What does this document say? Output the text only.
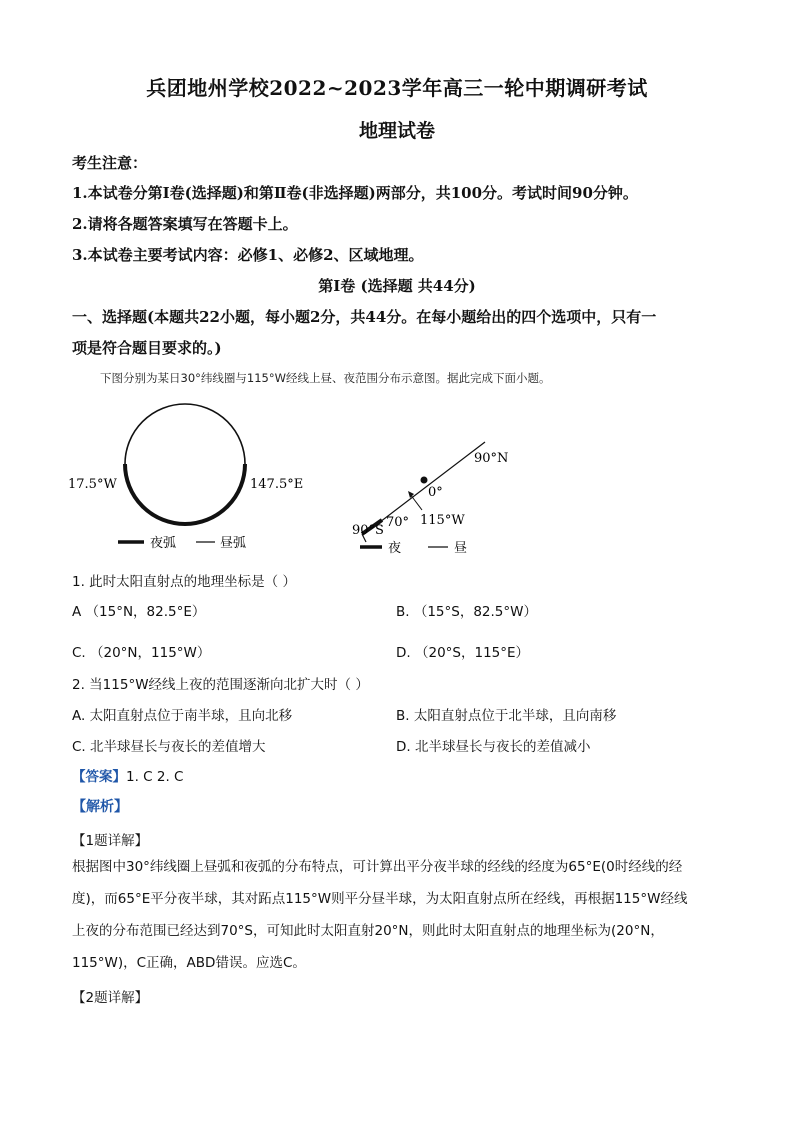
兵团地州学校2022~2023学年高三一轮中期调研考试
地理试卷
考生注意：
1.本试卷分第Ⅰ卷(选择题)和第Ⅱ卷(非选择题)两部分，共100分。考试时间90分钟。
2.请将各题答案填写在答题卡上。
3.本试卷主要考试内容：必修1、必修2、区域地理。
第Ⅰ卷 (选择题 共44分)
一、选择题(本题共22小题，每小题2分，共44分。在每小题给出的四个选项中，只有一
项是符合题目要求的。)
下图分别为某日30°纬线圈与115°W经线上昼、夜范围分布示意图。据此完成下面小题。
17.5°W	147.5°E
夜弧	昼弧
90°N
0°
115°W
70°
90°S
夜	昼
1. 此时太阳直射点的地理坐标是（ ）
A （15°N，82.5°E）	B. （15°S，82.5°W）
C. （20°N，115°W）	D. （20°S，115°E）
2. 当115°W经线上夜的范围逐渐向北扩大时（ ）
A. 太阳直射点位于南半球，且向北移	B. 太阳直射点位于北半球，且向南移
C. 北半球昼长与夜长的差值增大	D. 北半球昼长与夜长的差值减小
【答案】1. C 2. C
【解析】
【1题详解】
根据图中30°纬线圈上昼弧和夜弧的分布特点，可计算出平分夜半球的经线的经度为65°E(0时经线的经
度)，而65°E平分夜半球，其对跖点115°W则平分昼半球，为太阳直射点所在经线，再根据115°W经线
上夜的分布范围已经达到70°S，可知此时太阳直射20°N，则此时太阳直射点的地理坐标为(20°N，
115°W)，C正确，ABD错误。应选C。
【2题详解】
